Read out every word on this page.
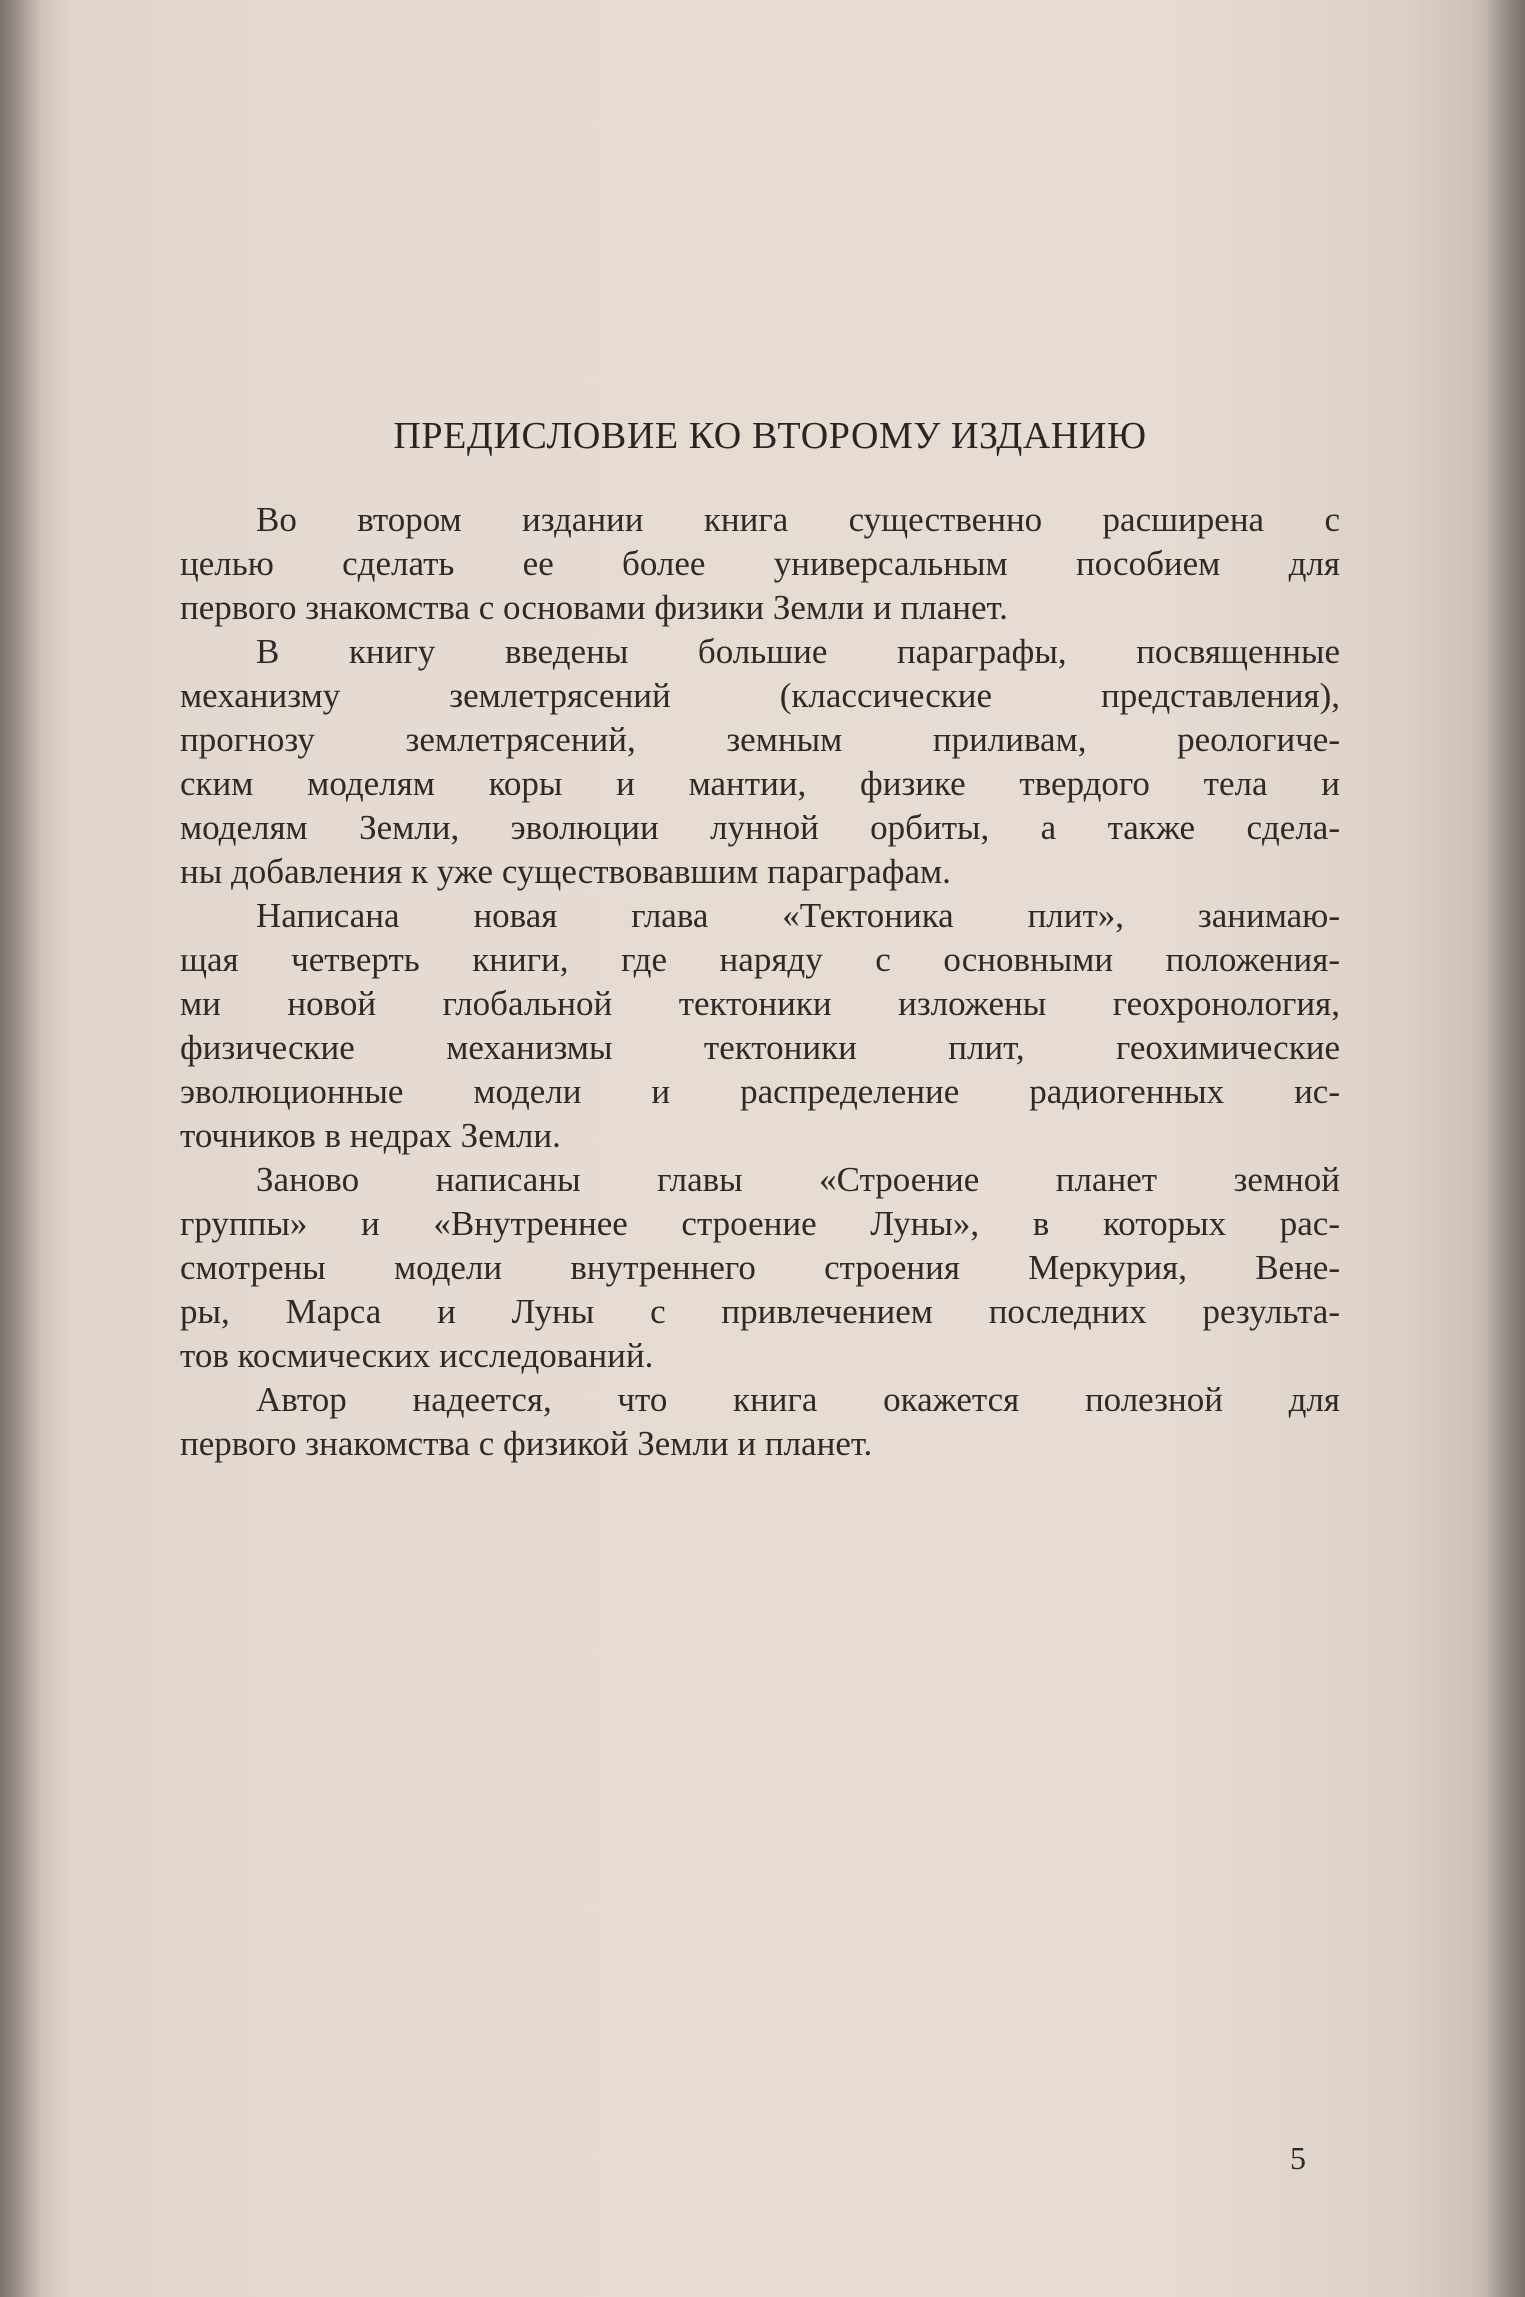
ПРЕДИСЛОВИЕ КО ВТОРОМУ ИЗДАНИЮ
Во втором издании книга существенно расширена с
целью сделать ее более универсальным пособием для
первого знакомства с основами физики Земли и планет.
В книгу введены большие параграфы, посвященные
механизму землетрясений (классические представления),
прогнозу землетрясений, земным приливам, реологиче-
ским моделям коры и мантии, физике твердого тела и
моделям Земли, эволюции лунной орбиты, а также сдела-
ны добавления к уже существовавшим параграфам.
Написана новая глава «Тектоника плит», занимаю-
щая четверть книги, где наряду с основными положения-
ми новой глобальной тектоники изложены геохронология,
физические механизмы тектоники плит, геохимические
эволюционные модели и распределение радиогенных ис-
точников в недрах Земли.
Заново написаны главы «Строение планет земной
группы» и «Внутреннее строение Луны», в которых рас-
смотрены модели внутреннего строения Меркурия, Вене-
ры, Марса и Луны с привлечением последних результа-
тов космических исследований.
Автор надеется, что книга окажется полезной для
первого знакомства с физикой Земли и планет.
5
